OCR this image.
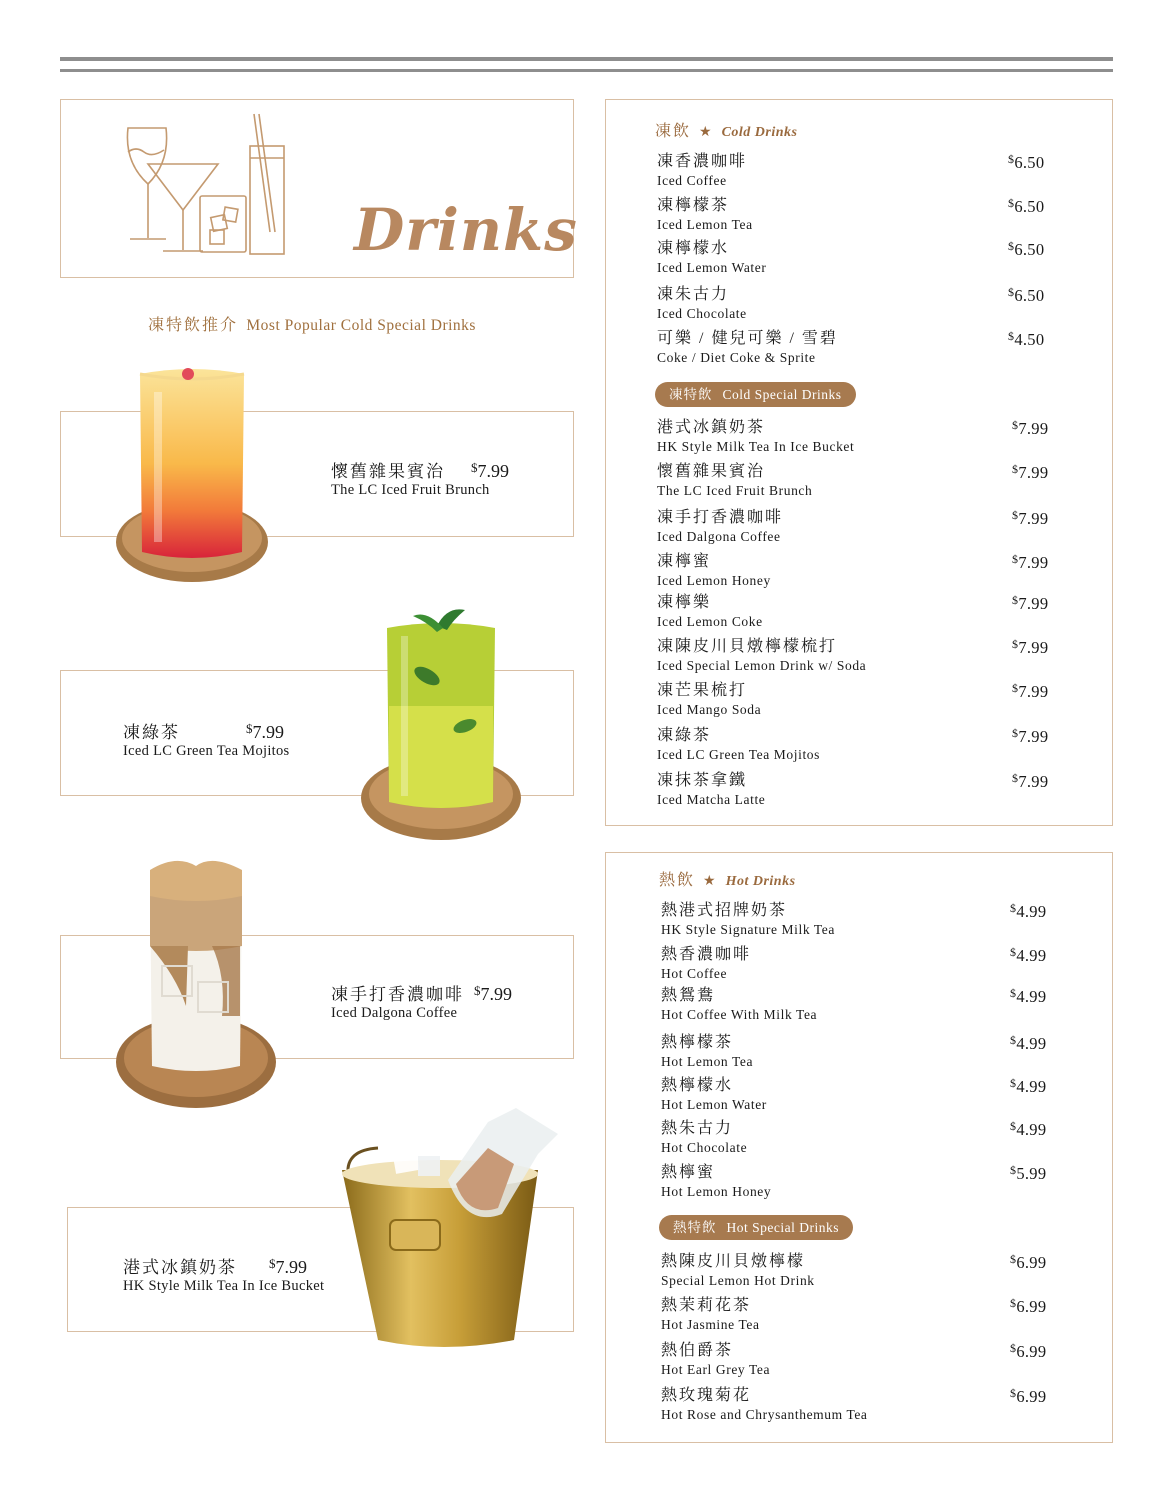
Drinks
凍特飲推介 Most Popular Cold Special Drinks
懷舊雜果賓治 $7.99
The LC Iced Fruit Brunch
凍綠茶	$7.99
Iced LC Green Tea Mojitos
凍手打香濃咖啡 $7.99
Iced Dalgona Coffee
港式冰鎮奶茶 $7.99
HK Style Milk Tea In Ice Bucket
凍飲 ★ Cold Drinks
凍香濃咖啡
Iced Coffee
$6.50
凍檸檬茶
Iced Lemon Tea
$6.50
凍檸檬水
Iced Lemon Water
$6.50
凍朱古力
Iced Chocolate
$6.50
可樂 / 健兒可樂 / 雪碧
Coke / Diet Coke & Sprite
$4.50
凍特飲 Cold Special Drinks
港式冰鎮奶茶
HK Style Milk Tea In Ice Bucket
$7.99
懷舊雜果賓治
The LC Iced Fruit Brunch
$7.99
凍手打香濃咖啡
Iced Dalgona Coffee
$7.99
凍檸蜜
Iced Lemon Honey
$7.99
凍檸樂
Iced Lemon Coke
$7.99
凍陳皮川貝燉檸檬梳打
Iced Special Lemon Drink w/ Soda
$7.99
凍芒果梳打
Iced Mango Soda
$7.99
凍綠茶
Iced LC Green Tea Mojitos
$7.99
凍抹茶拿鐵
Iced Matcha Latte
$7.99
熱飲 ★ Hot Drinks
熱港式招牌奶茶
HK Style Signature Milk Tea
$4.99
熱香濃咖啡
Hot Coffee
$4.99
熱鴛鴦
Hot Coffee With Milk Tea
$4.99
熱檸檬茶
Hot Lemon Tea
$4.99
熱檸檬水
Hot Lemon Water
$4.99
熱朱古力
Hot Chocolate
$4.99
熱檸蜜
Hot Lemon Honey
$5.99
熱特飲 Hot Special Drinks
熱陳皮川貝燉檸檬
Special Lemon Hot Drink
$6.99
熱茉莉花茶
Hot Jasmine Tea
$6.99
熱伯爵茶
Hot Earl Grey Tea
$6.99
熱玫瑰菊花
Hot Rose and Chrysanthemum Tea
$6.99
